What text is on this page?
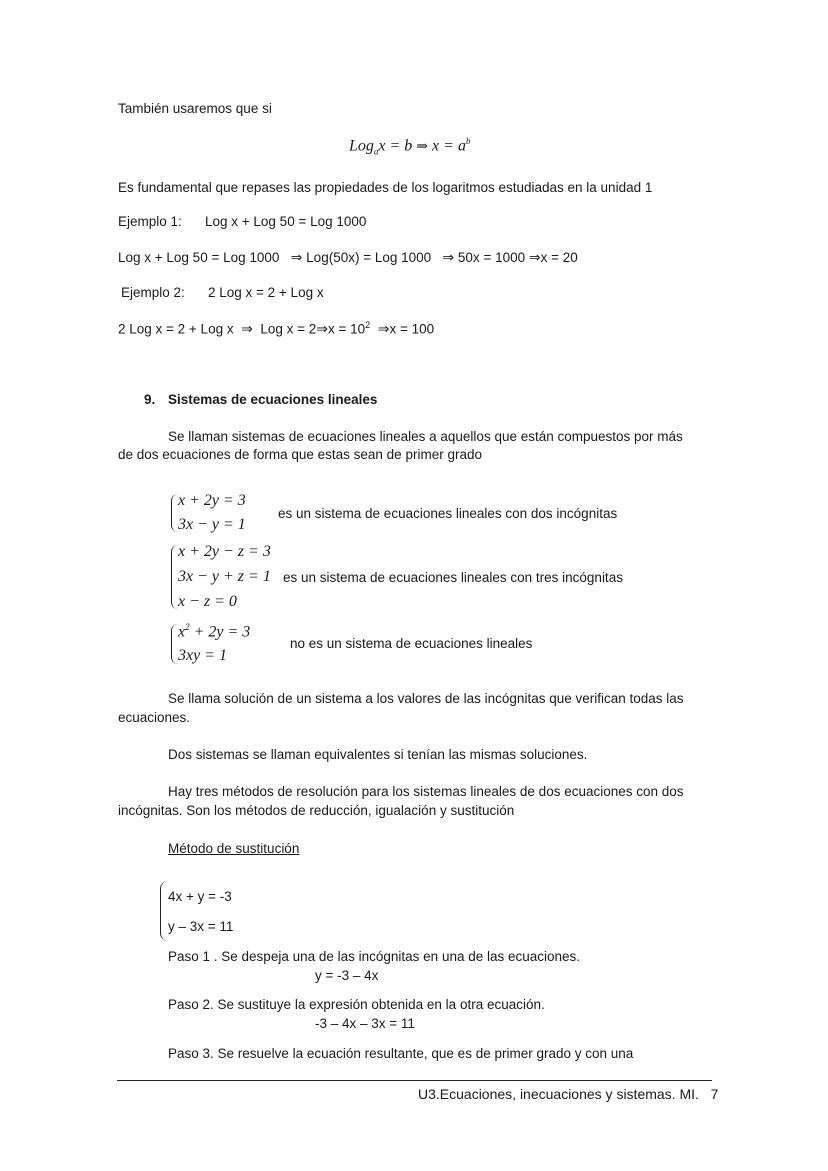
También usaremos que si
Log$_a$x = b ⇒ $x = a^b$
Es fundamental que repases las propiedades de los logaritmos estudiadas en la unidad 1
Ejemplo 1: Log x + Log 50 = Log 1000
Log x + Log 50 = Log 1000 ⇒ Log(50x) = Log 1000 ⇒ 50x = 1000 ⇒x = 20
Ejemplo 2: 2 Log x = 2 + Log x
2 Log x = 2 + Log x ⇒ Log x = 2⇒x = $10^2$ ⇒x = 100
9. Sistemas de ecuaciones lineales
Se llaman sistemas de ecuaciones lineales a aquellos que están compuestos por más
de dos ecuaciones de forma que estas sean de primer grado
x + 2y = 3
3x − y = 1
es un sistema de ecuaciones lineales con dos incógnitas
x + 2y − z = 3
3x − y + z = 1
x − z = 0
es un sistema de ecuaciones lineales con tres incógnitas
$x^2 + 2y = 3$
3xy = 1
no es un sistema de ecuaciones lineales
Se llama solución de un sistema a los valores de las incógnitas que verifican todas las
ecuaciones.
Dos sistemas se llaman equivalentes si tenían las mismas soluciones.
Hay tres métodos de resolución para los sistemas lineales de dos ecuaciones con dos
incógnitas. Son los métodos de reducción, igualación y sustitución
Método de sustitución
4x + y = -3
y – 3x = 11
Paso 1 . Se despeja una de las incógnitas en una de las ecuaciones.
y = -3 – 4x
Paso 2. Se sustituye la expresión obtenida en la otra ecuación.
-3 – 4x – 3x = 11
Paso 3. Se resuelve la ecuación resultante, que es de primer grado y con una
U3.Ecuaciones, inecuaciones y sistemas. MI. 7
